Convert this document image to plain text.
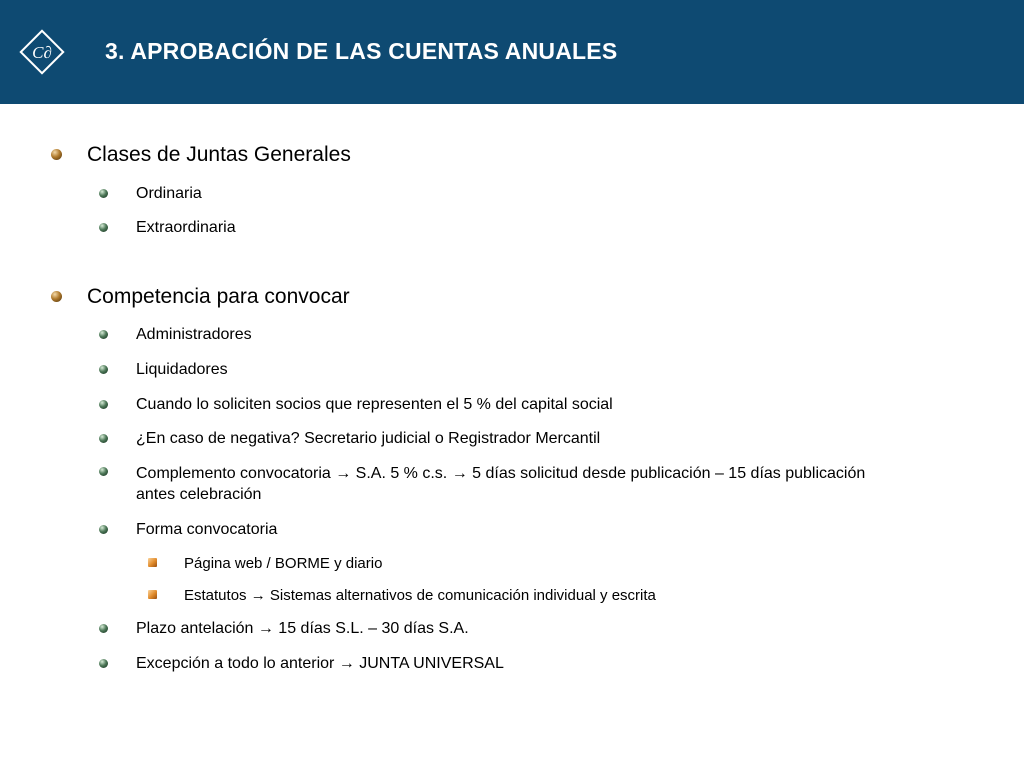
C∂ 3. APROBACIÓN DE LAS CUENTAS ANUALES
Clases de Juntas Generales
Ordinaria
Extraordinaria
Competencia para convocar
Administradores
Liquidadores
Cuando lo soliciten socios que representen el 5 % del capital social
¿En caso de negativa? Secretario judicial o Registrador Mercantil
Complemento convocatoria → S.A. 5 % c.s. → 5 días solicitud desde publicación – 15 días publicación antes celebración
Forma convocatoria
Página web / BORME y diario
Estatutos → Sistemas alternativos de comunicación individual y escrita
Plazo antelación → 15 días S.L. – 30 días S.A.
Excepción a todo lo anterior → JUNTA UNIVERSAL
